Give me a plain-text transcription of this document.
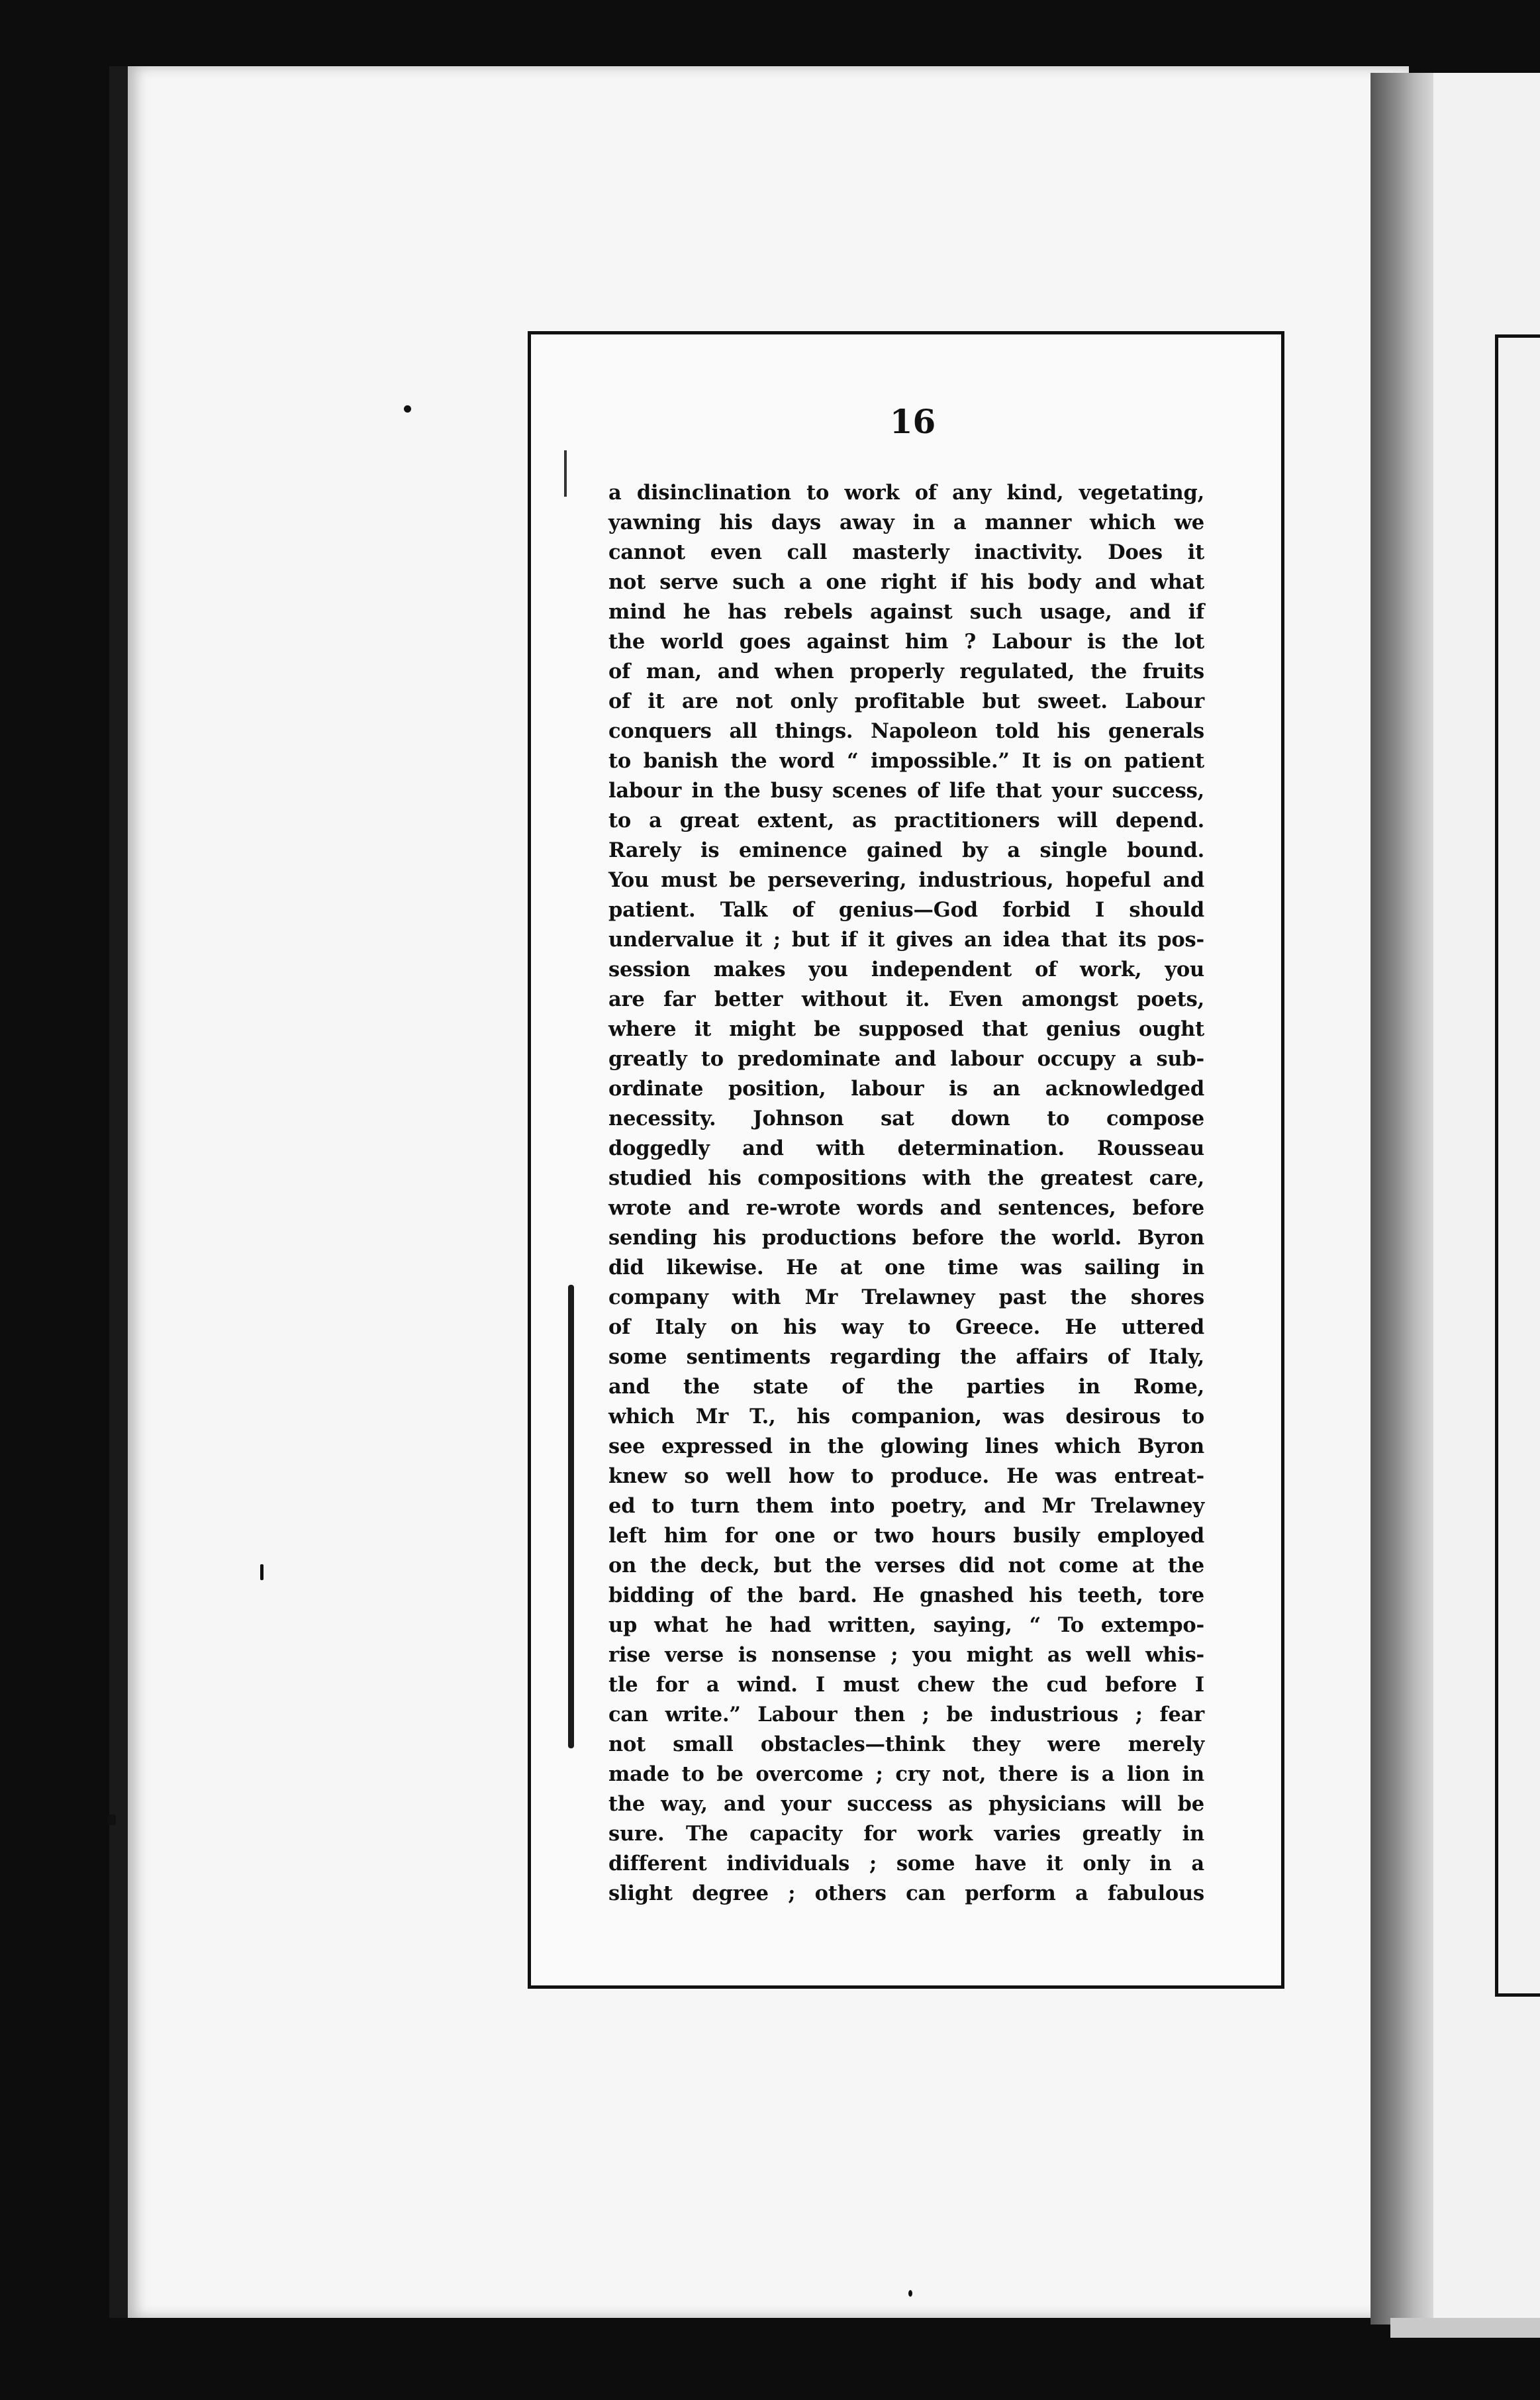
16
a disinclination to work of any kind, vegetating,
yawning his days away in a manner which we
cannot even call masterly inactivity. Does it
not serve such a one right if his body and what
mind he has rebels against such usage, and if
the world goes against him ? Labour is the lot
of man, and when properly regulated, the fruits
of it are not only profitable but sweet. Labour
conquers all things. Napoleon told his generals
to banish the word “ impossible.” It is on patient
labour in the busy scenes of life that your success,
to a great extent, as practitioners will depend.
Rarely is eminence gained by a single bound.
You must be persevering, industrious, hopeful and
patient. Talk of genius—God forbid I should
undervalue it ; but if it gives an idea that its pos-
session makes you independent of work, you
are far better without it. Even amongst poets,
where it might be supposed that genius ought
greatly to predominate and labour occupy a sub-
ordinate position, labour is an acknowledged
necessity. Johnson sat down to compose
doggedly and with determination. Rousseau
studied his compositions with the greatest care,
wrote and re-wrote words and sentences, before
sending his productions before the world. Byron
did likewise. He at one time was sailing in
company with Mr Trelawney past the shores
of Italy on his way to Greece. He uttered
some sentiments regarding the affairs of Italy,
and the state of the parties in Rome,
which Mr T., his companion, was desirous to
see expressed in the glowing lines which Byron
knew so well how to produce. He was entreat-
ed to turn them into poetry, and Mr Trelawney
left him for one or two hours busily employed
on the deck, but the verses did not come at the
bidding of the bard. He gnashed his teeth, tore
up what he had written, saying, “ To extempo-
rise verse is nonsense ; you might as well whis-
tle for a wind. I must chew the cud before I
can write.” Labour then ; be industrious ; fear
not small obstacles—think they were merely
made to be overcome ; cry not, there is a lion in
the way, and your success as physicians will be
sure. The capacity for work varies greatly in
different individuals ; some have it only in a
slight degree ; others can perform a fabulous
